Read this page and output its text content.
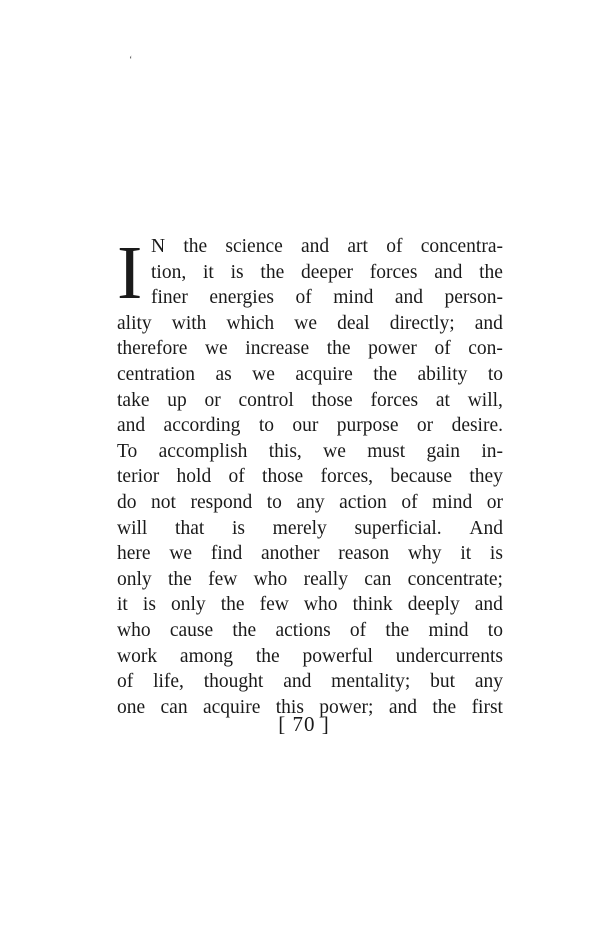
‘
I N the science and art of concentra-
tion, it is the deeper forces and the
finer energies of mind and person-
ality with which we deal directly; and
therefore we increase the power of con-
centration as we acquire the ability to
take up or control those forces at will,
and according to our purpose or desire.
To accomplish this, we must gain in-
terior hold of those forces, because they
do not respond to any action of mind or
will that is merely superficial. And
here we find another reason why it is
only the few who really can concentrate;
it is only the few who think deeply and
who cause the actions of the mind to
work among the powerful undercurrents
of life, thought and mentality; but any
one can acquire this power; and the first
[ 70 ]
